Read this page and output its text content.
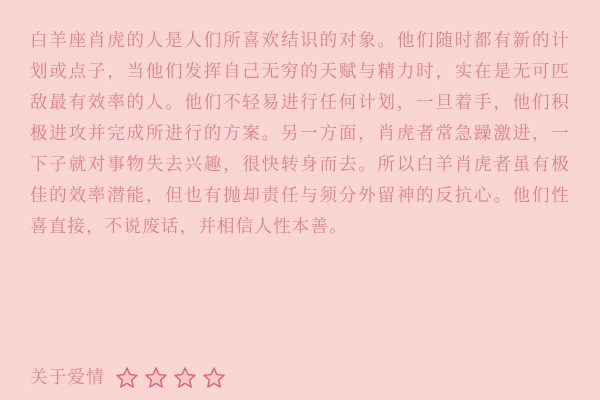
白羊座肖虎的人是人们所喜欢结识的对象。他们随时都有新的计划或点子，当他们发挥自己无穷的天赋与精力时，实在是无可匹敌最有效率的人。他们不轻易进行任何计划，一旦着手，他们积极进攻并完成所进行的方案。另一方面，肖虎者常急躁激进，一下子就对事物失去兴趣，很快转身而去。所以白羊肖虎者虽有极佳的效率潜能，但也有抛却责任与须分外留神的反抗心。他们性喜直接，不说废话，并相信人性本善。

关于爱情
